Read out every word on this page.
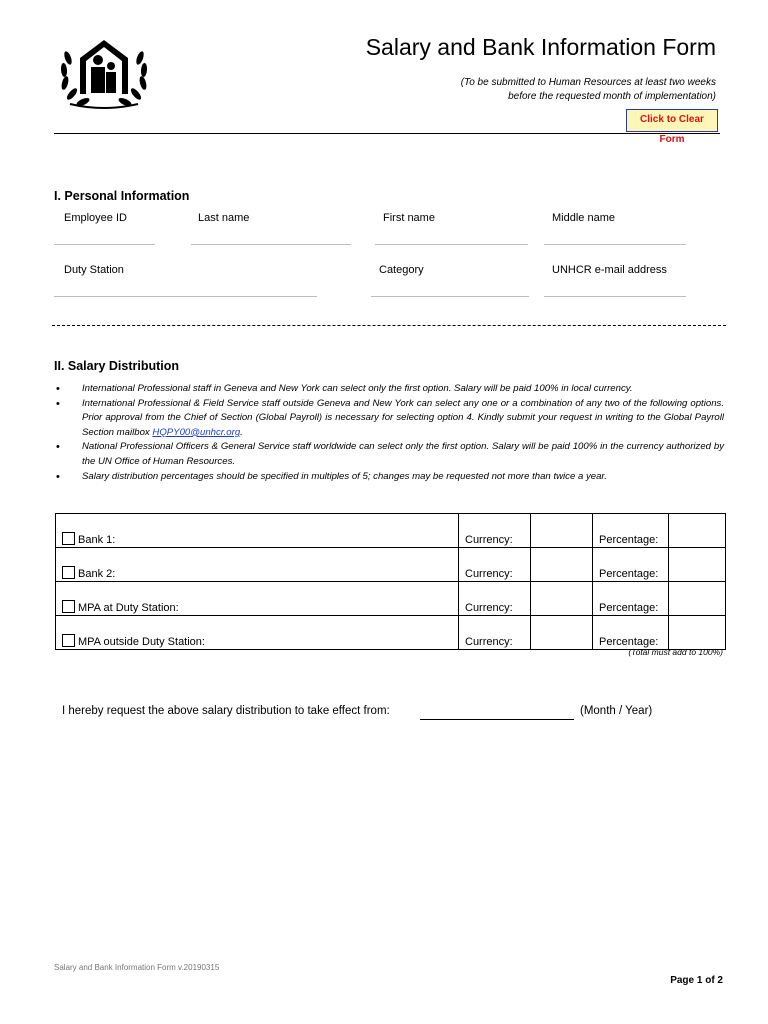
Salary and Bank Information Form
(To be submitted to Human Resources at least two weeks
before the requested month of implementation)
Click to Clear Form
I. Personal Information
Employee ID	Last name	First name	Middle name
Duty Station	Category	UNHCR e-mail address
II. Salary Distribution
• International Professional staff in Geneva and New York can select only the first option. Salary will be paid 100% in local currency.
• International Professional & Field Service staff outside Geneva and New York can select any one or a combination of any two of the following options. Prior approval from the Chief of Section (Global Payroll) is necessary for selecting option 4. Kindly submit your request in writing to the Global Payroll Section mailbox HQPY00@unhcr.org.
• National Professional Officers & General Service staff worldwide can select only the first option. Salary will be paid 100% in the currency authorized by the UN Office of Human Resources.
• Salary distribution percentages should be specified in multiples of 5; changes may be requested not more than twice a year.
Bank 1:	Currency:		Percentage:	
Bank 2:	Currency:		Percentage:	
MPA at Duty Station:	Currency:		Percentage:	
MPA outside Duty Station:	Currency:		Percentage:	
(Total must add to 100%)
I hereby request the above salary distribution to take effect from:	(Month / Year)
Salary and Bank Information Form v.20190315
Page 1 of 2
